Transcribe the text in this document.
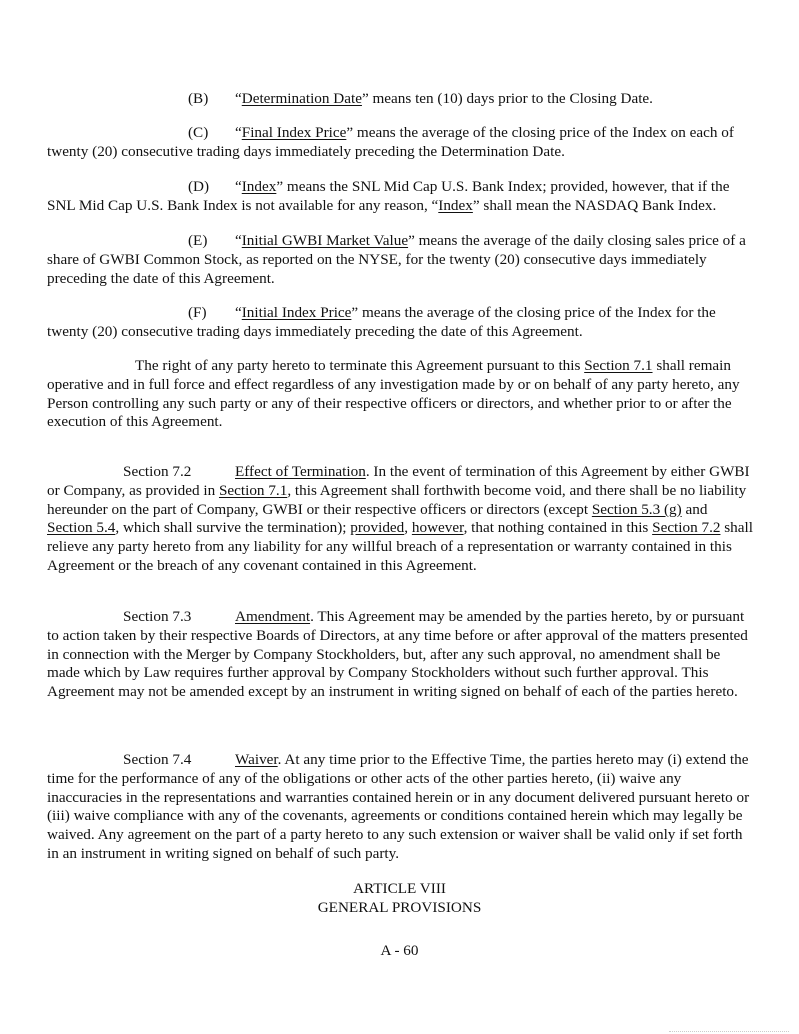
(B) “Determination Date” means ten (10) days prior to the Closing Date.
(C) “Final Index Price” means the average of the closing price of the Index on each of twenty (20) consecutive trading days immediately preceding the Determination Date.
(D) “Index” means the SNL Mid Cap U.S. Bank Index; provided, however, that if the SNL Mid Cap U.S. Bank Index is not available for any reason, “Index” shall mean the NASDAQ Bank Index.
(E) “Initial GWBI Market Value” means the average of the daily closing sales price of a share of GWBI Common Stock, as reported on the NYSE, for the twenty (20) consecutive days immediately preceding the date of this Agreement.
(F) “Initial Index Price” means the average of the closing price of the Index for the twenty (20) consecutive trading days immediately preceding the date of this Agreement.
The right of any party hereto to terminate this Agreement pursuant to this Section 7.1 shall remain operative and in full force and effect regardless of any investigation made by or on behalf of any party hereto, any Person controlling any such party or any of their respective officers or directors, and whether prior to or after the execution of this Agreement.
Section 7.2	Effect of Termination. In the event of termination of this Agreement by either GWBI or Company, as provided in Section 7.1, this Agreement shall forthwith become void, and there shall be no liability hereunder on the part of Company, GWBI or their respective officers or directors (except Section 5.3 (g) and Section 5.4, which shall survive the termination); provided, however, that nothing contained in this Section 7.2 shall relieve any party hereto from any liability for any willful breach of a representation or warranty contained in this Agreement or the breach of any covenant contained in this Agreement.
Section 7.3	Amendment. This Agreement may be amended by the parties hereto, by or pursuant to action taken by their respective Boards of Directors, at any time before or after approval of the matters presented in connection with the Merger by Company Stockholders, but, after any such approval, no amendment shall be made which by Law requires further approval by Company Stockholders without such further approval. This Agreement may not be amended except by an instrument in writing signed on behalf of each of the parties hereto.
Section 7.4	Waiver. At any time prior to the Effective Time, the parties hereto may (i) extend the time for the performance of any of the obligations or other acts of the other parties hereto, (ii) waive any inaccuracies in the representations and warranties contained herein or in any document delivered pursuant hereto or (iii) waive compliance with any of the covenants, agreements or conditions contained herein which may legally be waived. Any agreement on the part of a party hereto to any such extension or waiver shall be valid only if set forth in an instrument in writing signed on behalf of such party.
ARTICLE VIII
GENERAL PROVISIONS
A - 60
